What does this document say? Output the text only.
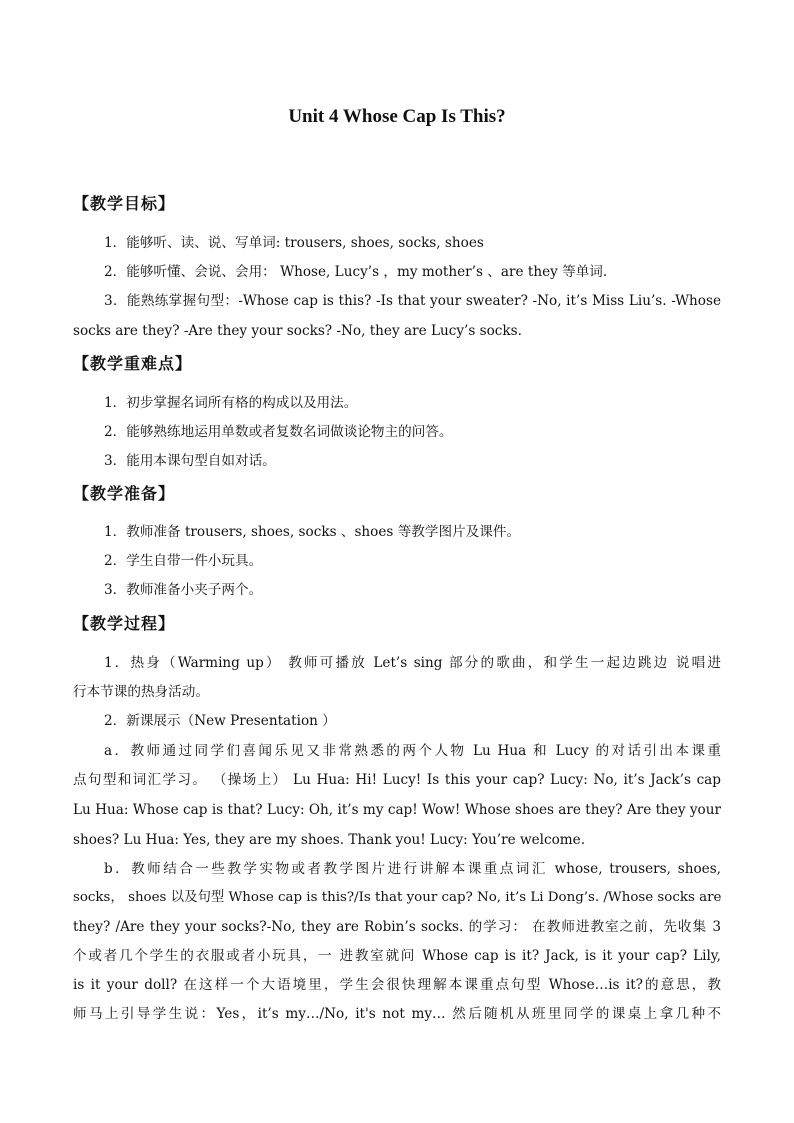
Unit 4 Whose Cap Is This?
【教学目标】

1．能够听、读、说、写单词: trousers, shoes, socks, shoes

2．能够听懂、会说、会用： Whose, Lucy’s ，my mother’s 、are they 等单词.

3．能熟练掌握句型：-Whose cap is this? -Is that your sweater? -No, it’s Miss Liu’s. -Whose

socks are they? -Are they your socks? -No, they are Lucy’s socks.

【教学重难点】

1．初步掌握名词所有格的构成以及用法。

2．能够熟练地运用单数或者复数名词做谈论物主的问答。

3．能用本课句型自如对话。

【教学准备】

1．教师准备 trousers, shoes, socks 、shoes 等教学图片及课件。

2．学生自带一件小玩具。

3．教师准备小夹子两个。

【教学过程】

1．热身（Warming up） 教师可播放 Let’s sing 部分的歌曲，和学生一起边跳边 说唱进

行本节课的热身活动。

2．新课展示（New Presentation ）

a．教师通过同学们喜闻乐见又非常熟悉的两个人物 Lu Hua 和 Lucy 的对话引出本课重

点句型和词汇学习。 （操场上） Lu Hua: Hi! Lucy! Is this your cap? Lucy: No, it’s Jack’s cap

Lu Hua: Whose cap is that? Lucy: Oh, it’s my cap! Wow! Whose shoes are they? Are they your

shoes? Lu Hua: Yes, they are my shoes. Thank you! Lucy: You’re welcome.

b．教师结合一些教学实物或者教学图片进行讲解本课重点词汇 whose, trousers, shoes,

socks， shoes 以及句型 Whose cap is this?/Is that your cap? No, it’s Li Dong’s. /Whose socks are

they? /Are they your socks?-No, they are Robin’s socks. 的学习： 在教师进教室之前，先收集 3

个或者几个学生的衣服或者小玩具，一 进教室就问 Whose cap is it? Jack, is it your cap? Lily,

is it your doll? 在这样一个大语境里，学生会很快理解本课重点句型 Whose…is it?的意思，教

师马上引导学生说：Yes，it’s my…/No, it's not my… 然后随机从班里同学的课桌上拿几种不
